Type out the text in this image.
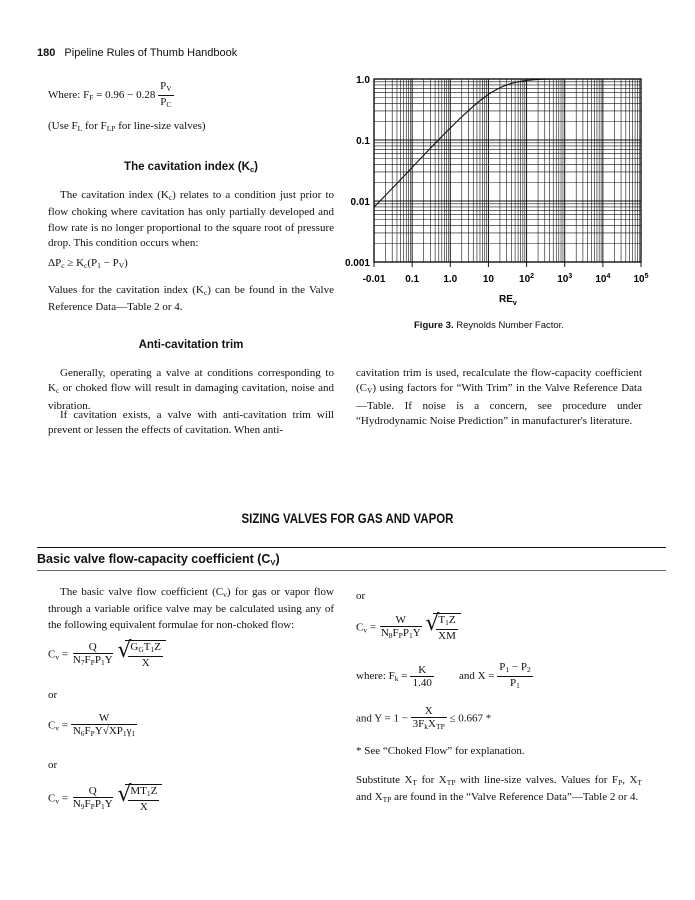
180 Pipeline Rules of Thumb Handbook
Where: $F_F = 0.96 - 0.28 \frac{P_V}{P_C}$
(Use $F_L$ for $F_{LP}$ for line-size valves)
The cavitation index $(K_c)$
The cavitation index $(K_c)$ relates to a condition just prior to flow choking where cavitation has only partially developed and flow rate is no longer proportional to the square root of pressure drop. This condition occurs when:
$\Delta P_c \ge K_c(P_1 - P_V)$
Values for the cavitation index $(K_c)$ can be found in the Valve Reference Data—Table 2 or 4.
Anti-cavitation trim
Generally, operating a valve at conditions corresponding to $K_c$ or choked flow will result in damaging cavitation, noise and vibration.
If cavitation exists, a valve with anti-cavitation trim will prevent or lessen the effects of cavitation. When anti-
1.0
0.1
0.01
0.001
-0.01 0.1 1.0	10	$10^2$ $10^3$ $10^4$ $10^5$
$RE_v$
Figure 3. Reynolds Number Factor.
cavitation trim is used, recalculate the flow-capacity coefficient $(C_V)$ using factors for “With Trim” in the Valve Reference Data—Table. If noise is a concern, see procedure under “Hydrodynamic Noise Prediction” in manufacturer's literature.
SIZING VALVES FOR GAS AND VAPOR
Basic valve flow-capacity coefficient $(C_V)$
The basic valve flow coefficient $(C_v)$ for gas or vapor flow through a variable orifice valve may be calculated using any of the following equivalent formulae for non-choked flow:
$C_v = \frac{Q}{N_7F_PP_1Y}$
√
$G_GT_1Z$
X
or
$C_v = \frac{W}{N_6F_PY√XP_1\gamma_1}$
or
$C_v = \frac{Q}{N_9F_PP_1Y}$
√
$\frac{MT_1Z}{X}$
or
$C_v = \frac{W}{N_8F_PP_1Y}$
√
$\frac{T_1Z}{XM}$
where: $F_k = \frac{K}{1.40}$ and $X = \frac{P_1 - P_2}{P_1}$
and $Y = 1 - \frac{X}{3F_kX_{TP}} \le 0.667$ *
* See “Choked Flow” for explanation.
Substitute $X_T$ for $X_{TP}$ with line-size valves. Values for $F_P$, $X_T$ and $X_{TP}$ are found in the “Valve Reference Data”—Table 2 or 4.
